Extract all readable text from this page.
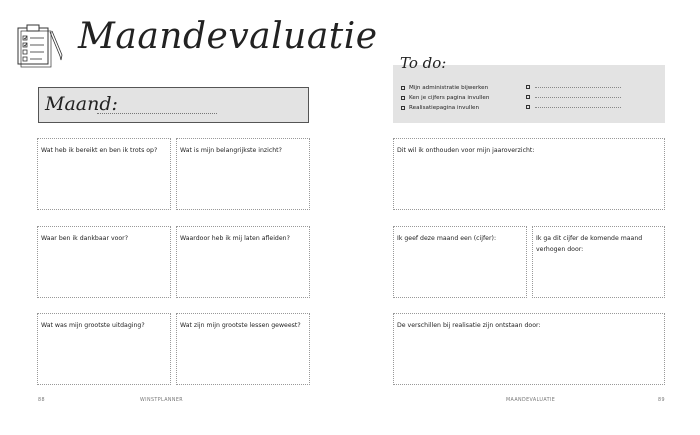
Maandevaluatie
Maand:
To do:
Mijn administratie bijwerken
Ken je cijfers pagina invullen
Realisatiepagina invullen
Wat heb ik bereikt en ben ik trots op?	Wat is mijn belangrijkste inzicht?
Waar ben ik dankbaar voor?	Waardoor heb ik mij laten afleiden?
Wat was mijn grootste uitdaging?	Wat zijn mijn grootste lessen geweest?
Dit wil ik onthouden voor mijn jaaroverzicht:
Ik geef deze maand een (cijfer):	Ik ga dit cijfer de komende maand verhogen door:
De verschillen bij realisatie zijn ontstaan door:
88	WINSTPLANNER	MAANDEVALUATIE	89
